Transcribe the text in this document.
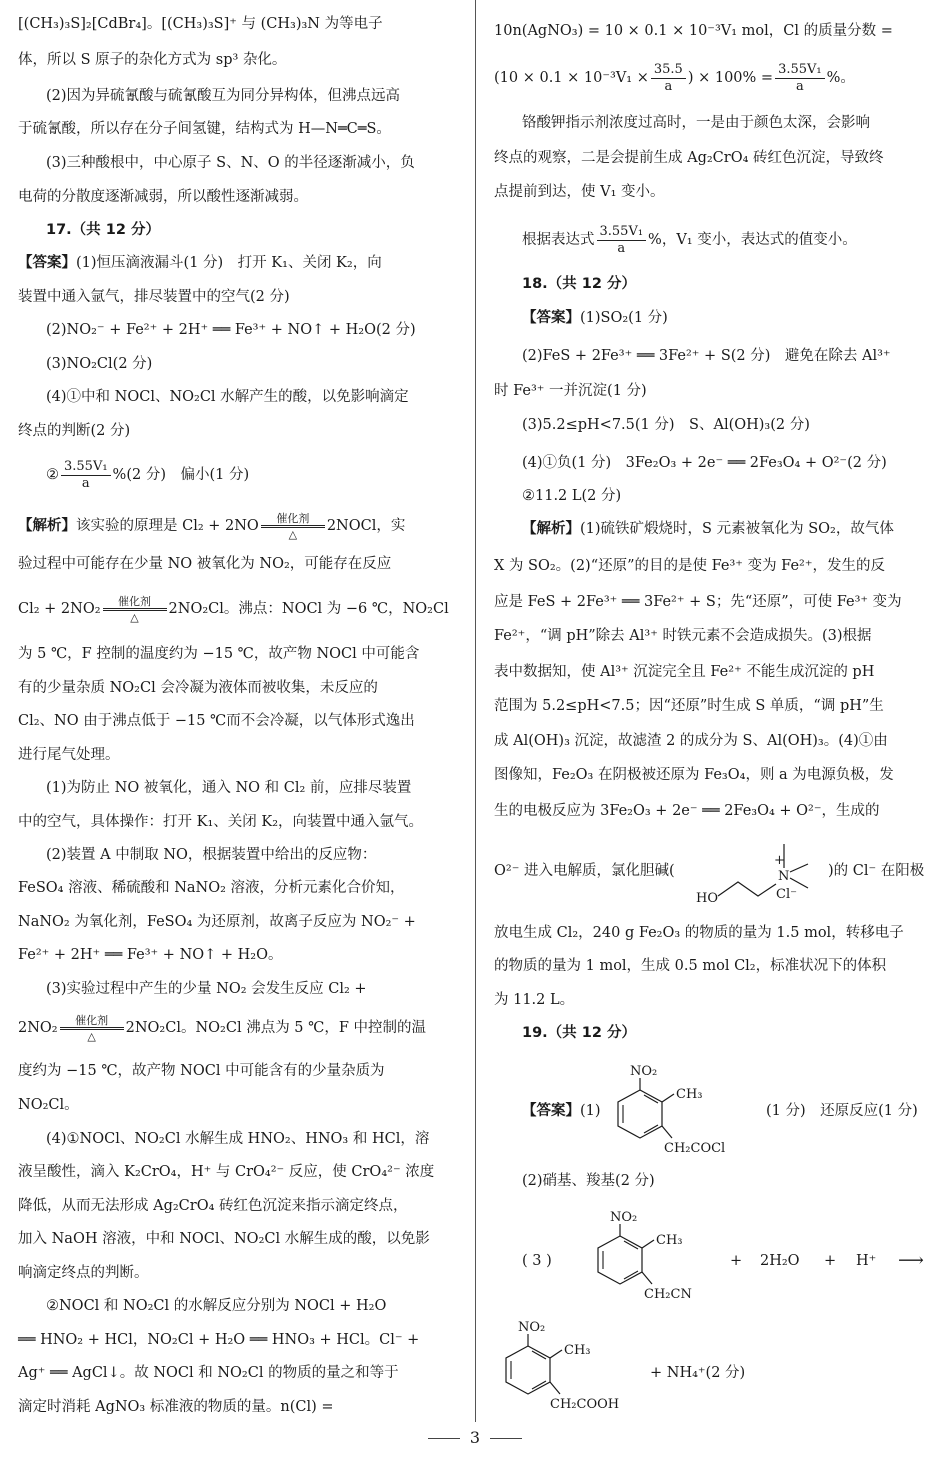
[(CH₃)₃S]₂[CdBr₄]。[(CH₃)₃S]⁺ 与 (CH₃)₃N 为等电子
体，所以 S 原子的杂化方式为 sp³ 杂化。
(2)因为异硫氰酸与硫氰酸互为同分异构体，但沸点远高
于硫氰酸，所以存在分子间氢键，结构式为 H—N═C═S。
(3)三种酸根中，中心原子 S、N、O 的半径逐渐减小，负
电荷的分散度逐渐减弱，所以酸性逐渐减弱。
17.（共 12 分）
【答案】(1)恒压滴液漏斗(1 分)　打开 K₁、关闭 K₂，向
装置中通入氩气，排尽装置中的空气(2 分)
(2)NO₂⁻ + Fe²⁺ + 2H⁺ ══ Fe³⁺ + NO↑ + H₂O(2 分)
(3)NO₂Cl(2 分)
(4)①中和 NOCl、NO₂Cl 水解产生的酸，以免影响滴定
终点的判断(2 分)
② $\frac{\text{3.55V₁}}{a} \%(2$ 分)　偏小(1 分)
【解析】该实验的原理是 Cl₂ + 2NO	催化剂
△	2NOCl，实
验过程中可能存在少量 NO 被氧化为 NO₂，可能存在反应
Cl₂ + 2NO₂	催化剂
△	2NO₂Cl。沸点：NOCl 为 −6 ℃，NO₂Cl
为 5 ℃，F 控制的温度约为 −15 ℃，故产物 NOCl 中可能含
有的少量杂质 NO₂Cl 会冷凝为液体而被收集，未反应的
Cl₂、NO 由于沸点低于 −15 ℃而不会冷凝，以气体形式逸出
进行尾气处理。
(1)为防止 NO 被氧化，通入 NO 和 Cl₂ 前，应排尽装置
中的空气，具体操作：打开 K₁、关闭 K₂，向装置中通入氩气。
(2)装置 A 中制取 NO，根据装置中给出的反应物：
FeSO₄ 溶液、稀硫酸和 NaNO₂ 溶液，分析元素化合价知，
NaNO₂ 为氧化剂，FeSO₄ 为还原剂，故离子反应为 NO₂⁻ +
Fe²⁺ + 2H⁺ ══ Fe³⁺ + NO↑ + H₂O。
(3)实验过程中产生的少量 NO₂ 会发生反应 Cl₂ +
2NO₂	催化剂
△	2NO₂Cl。NO₂Cl 沸点为 5 ℃，F 中控制的温
度约为 −15 ℃，故产物 NOCl 中可能含有的少量杂质为
NO₂Cl。
(4)①NOCl、NO₂Cl 水解生成 HNO₂、HNO₃ 和 HCl，溶
液呈酸性，滴入 K₂CrO₄，H⁺ 与 CrO₄²⁻ 反应，使 CrO₄²⁻ 浓度
降低，从而无法形成 Ag₂CrO₄ 砖红色沉淀来指示滴定终点，
加入 NaOH 溶液，中和 NOCl、NO₂Cl 水解生成的酸，以免影
响滴定终点的判断。
②NOCl 和 NO₂Cl 的水解反应分别为 NOCl + H₂O
══ HNO₂ + HCl，NO₂Cl + H₂O ══ HNO₃ + HCl。Cl⁻ +
Ag⁺ ══ AgCl↓。故 NOCl 和 NO₂Cl 的物质的量之和等于
滴定时消耗 AgNO₃ 标准液的物质的量。n(Cl) =
10n(AgNO₃) = 10 × 0.1 × 10⁻³V₁ mol，Cl 的质量分数 =
($10 \times 0.1 \times 10^{-3}V_1 \times \frac{35.5}{a}$ ) × $100\% = \frac{\text{3.55V₁}}{a}$ %。
铬酸钾指示剂浓度过高时，一是由于颜色太深，会影响
终点的观察，二是会提前生成 Ag₂CrO₄ 砖红色沉淀，导致终
点提前到达，使 V₁ 变小。
根据表达式 $\frac{\text{3.55V₁}}{a}$ %，V₁ 变小，表达式的值变小。
18.（共 12 分）
【答案】(1)SO₂(1 分)
(2)FeS + 2Fe³⁺ ══ 3Fe²⁺ + S(2 分)　避免在除去 Al³⁺
时 Fe³⁺ 一并沉淀(1 分)
(3)5.2≤pH<7.5(1 分)　S、Al(OH)₃(2 分)
(4)①负(1 分)　3Fe₂O₃ + 2e⁻ ══ 2Fe₃O₄ + O²⁻(2 分)
②11.2 L(2 分)
【解析】(1)硫铁矿煅烧时，S 元素被氧化为 SO₂，故气体
X 为 SO₂。(2)“还原”的目的是使 Fe³⁺ 变为 Fe²⁺，发生的反
应是 FeS + 2Fe³⁺ ══ 3Fe²⁺ + S；先“还原”，可使 Fe³⁺ 变为
Fe²⁺，“调 pH”除去 Al³⁺ 时铁元素不会造成损失。(3)根据
表中数据知，使 Al³⁺ 沉淀完全且 Fe²⁺ 不能生成沉淀的 pH
范围为 5.2≤pH<7.5；因“还原”时生成 S 单质，“调 pH”生
成 Al(OH)₃ 沉淀，故滤渣 2 的成分为 S、Al(OH)₃。(4)①由
图像知，Fe₂O₃ 在阴极被还原为 Fe₃O₄，则 a 为电源负极，发
生的电极反应为 3Fe₂O₃ + 2e⁻ ══ 2Fe₃O₄ + O²⁻，生成的
O²⁻ 进入电解质，氯化胆碱(
HO
N
+
Cl⁻
)的 Cl⁻ 在阳极
放电生成 Cl₂，240 g Fe₂O₃ 的物质的量为 1.5 mol，转移电子
的物质的量为 1 mol，生成 0.5 mol Cl₂，标准状况下的体积
为 11.2 L。
19.（共 12 分）
【答案】(1)
NO₂
CH₃
CH₂COCl
(1 分)　还原反应(1 分)
(2)硝基、羧基(2 分)
( 3 )
NO₂
CH₃
CH₂CN
+	2H₂O	+	H⁺	⟶
NO₂
CH₃
CH₂COOH
+ NH₄⁺(2 分)
3
